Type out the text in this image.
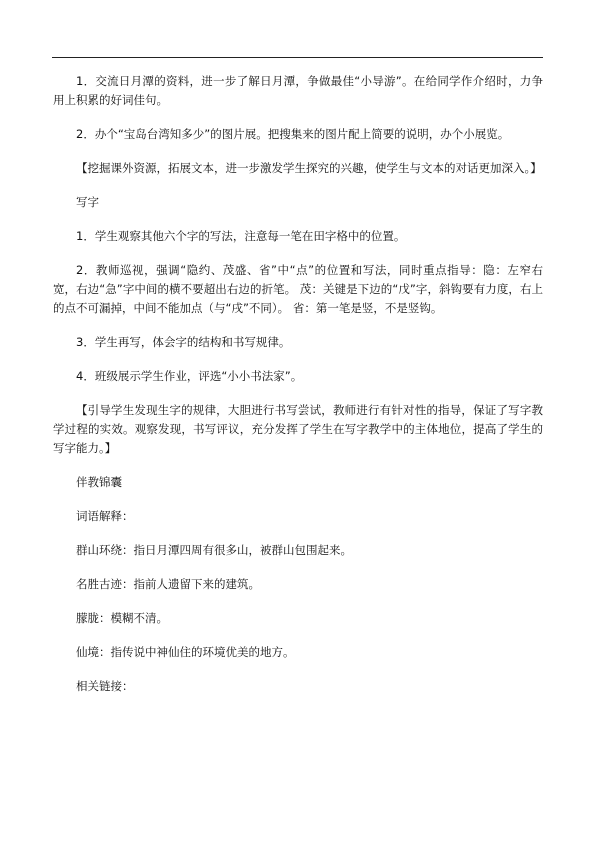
1．交流日月潭的资料，进一步了解日月潭，争做最佳“小导游”。在给同学作介绍时，力争用上积累的好词佳句。

2．办个“宝岛台湾知多少”的图片展。把搜集来的图片配上简要的说明，办个小展览。

【挖掘课外资源，拓展文本，进一步激发学生探究的兴趣，使学生与文本的对话更加深入。】

写字

1．学生观察其他六个字的写法，注意每一笔在田字格中的位置。

2．教师巡视，强调“隐约、茂盛、省”中“点”的位置和写法，同时重点指导：隐：左窄右宽，右边“急”字中间的横不要超出右边的折笔。 茂：关键是下边的“戊”字，斜钩要有力度，右上的点不可漏掉，中间不能加点（与“戌”不同）。 省：第一笔是竖，不是竖钩。

3．学生再写，体会字的结构和书写规律。

4．班级展示学生作业，评选“小小书法家”。

【引导学生发现生字的规律，大胆进行书写尝试，教师进行有针对性的指导，保证了写字教学过程的实效。观察发现，书写评议，充分发挥了学生在写字教学中的主体地位，提高了学生的写字能力。】

伴教锦囊

词语解释：

群山环绕：指日月潭四周有很多山，被群山包围起来。

名胜古迹：指前人遗留下来的建筑。

朦胧：模糊不清。

仙境：指传说中神仙住的环境优美的地方。

相关链接：
